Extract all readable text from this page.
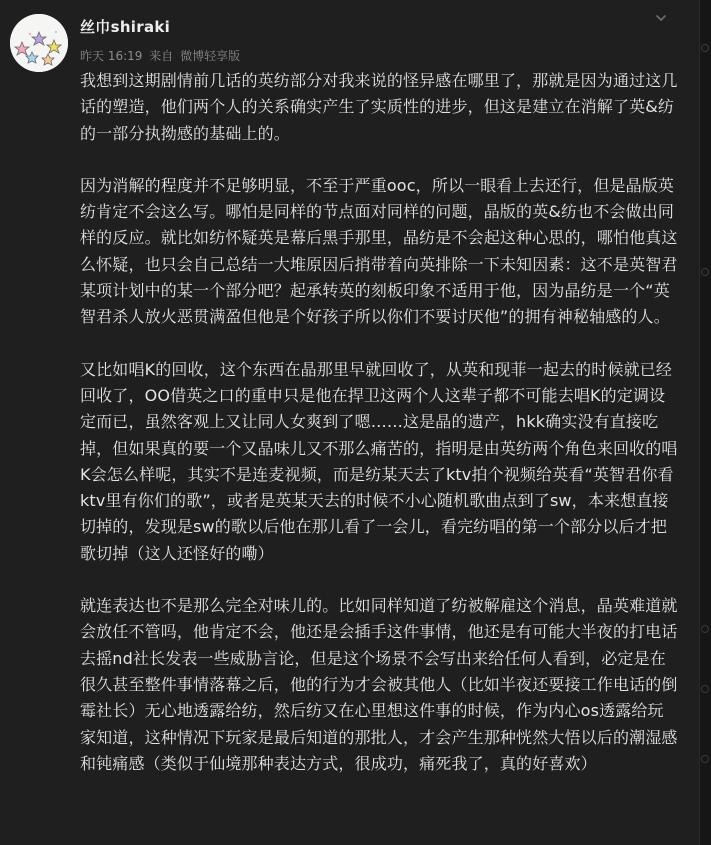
丝巾shiraki
昨天 16:19 来自 微博轻享版

我想到这期剧情前几话的英纺部分对我来说的怪异感在哪里了，那就是因为通过这几话的塑造，他们两个人的关系确实产生了实质性的进步，但这是建立在消解了英&纺的一部分执拗感的基础上的。

因为消解的程度并不足够明显，不至于严重ooc，所以一眼看上去还行，但是晶版英纺肯定不会这么写。哪怕是同样的节点面对同样的问题，晶版的英&纺也不会做出同样的反应。就比如纺怀疑英是幕后黑手那里，晶纺是不会起这种心思的，哪怕他真这么怀疑，也只会自己总结一大堆原因后捎带着向英排除一下未知因素：这不是英智君某项计划中的某一个部分吧？起承转英的刻板印象不适用于他，因为晶纺是一个“英智君杀人放火恶贯满盈但他是个好孩子所以你们不要讨厌他”的拥有神秘轴感的人。

又比如唱K的回收，这个东西在晶那里早就回收了，从英和现菲一起去的时候就已经回收了，OO借英之口的重申只是他在捍卫这两个人这辈子都不可能去唱K的定调设定而已，虽然客观上又让同人女爽到了嗯……这是晶的遗产，hkk确实没有直接吃掉，但如果真的要一个又晶味儿又不那么痛苦的，指明是由英纺两个角色来回收的唱K会怎么样呢，其实不是连麦视频，而是纺某天去了ktv拍个视频给英看“英智君你看ktv里有你们的歌”，或者是英某天去的时候不小心随机歌曲点到了sw，本来想直接切掉的，发现是sw的歌以后他在那儿看了一会儿，看完纺唱的第一个部分以后才把歌切掉（这人还怪好的嘞）

就连表达也不是那么完全对味儿的。比如同样知道了纺被解雇这个消息，晶英难道就会放任不管吗，他肯定不会，他还是会插手这件事情，他还是有可能大半夜的打电话去摇nd社长发表一些威胁言论，但是这个场景不会写出来给任何人看到，必定是在很久甚至整件事情落幕之后，他的行为才会被其他人（比如半夜还要接工作电话的倒霉社长）无心地透露给纺，然后纺又在心里想这件事的时候，作为内心os透露给玩家知道，这种情况下玩家是最后知道的那批人，才会产生那种恍然大悟以后的潮湿感和钝痛感（类似于仙境那种表达方式，很成功，痛死我了，真的好喜欢）
